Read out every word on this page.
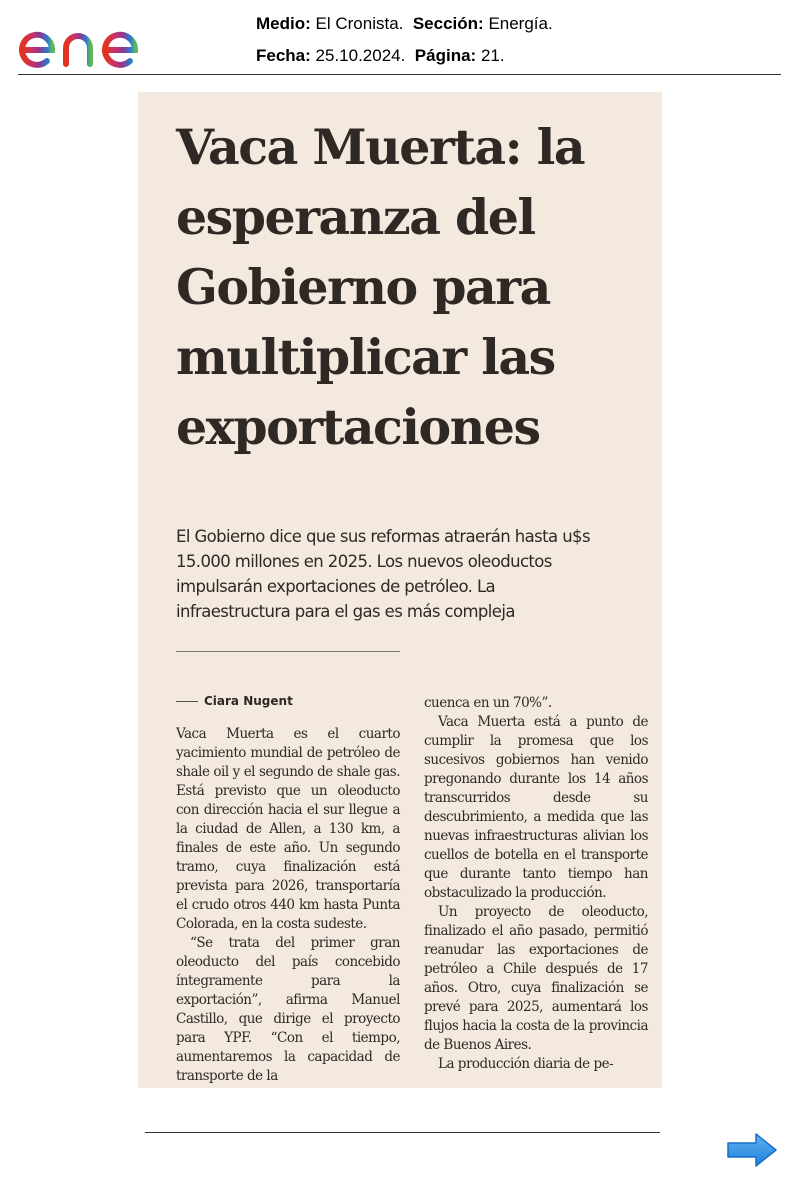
Medio: El Cronista. Sección: Energía.
Fecha: 25.10.2024. Página: 21.
Vaca Muerta: la esperanza del Gobierno para multiplicar las exportaciones

El Gobierno dice que sus reformas atraerán hasta u$s 15.000 millones en 2025. Los nuevos oleoductos impulsarán exportaciones de petróleo. La infraestructura para el gas es más compleja

Ciara Nugent

Vaca Muerta es el cuarto yacimiento mundial de petróleo de shale oil y el segundo de shale gas. Está previsto que un oleoducto con dirección hacia el sur llegue a la ciudad de Allen, a 130 km, a finales de este año. Un segundo tramo, cuya finalización está prevista para 2026, transportaría el crudo otros 440 km hasta Punta Colorada, en la costa sudeste.

“Se trata del primer gran oleoducto del país concebido íntegramente para la exportación”, afirma Manuel Castillo, que dirige el proyecto para YPF. “Con el tiempo, aumentaremos la capacidad de transporte de la

cuenca en un 70%”.

Vaca Muerta está a punto de cumplir la promesa que los sucesivos gobiernos han venido pregonando durante los 14 años transcurridos desde su descubrimiento, a medida que las nuevas infraestructuras alivian los cuellos de botella en el transporte que durante tanto tiempo han obstaculizado la producción.

Un proyecto de oleoducto, finalizado el año pasado, permitió reanudar las exportaciones de petróleo a Chile después de 17 años. Otro, cuya finalización se prevé para 2025, aumentará los flujos hacia la costa de la provincia de Buenos Aires.

La producción diaria de pe-
